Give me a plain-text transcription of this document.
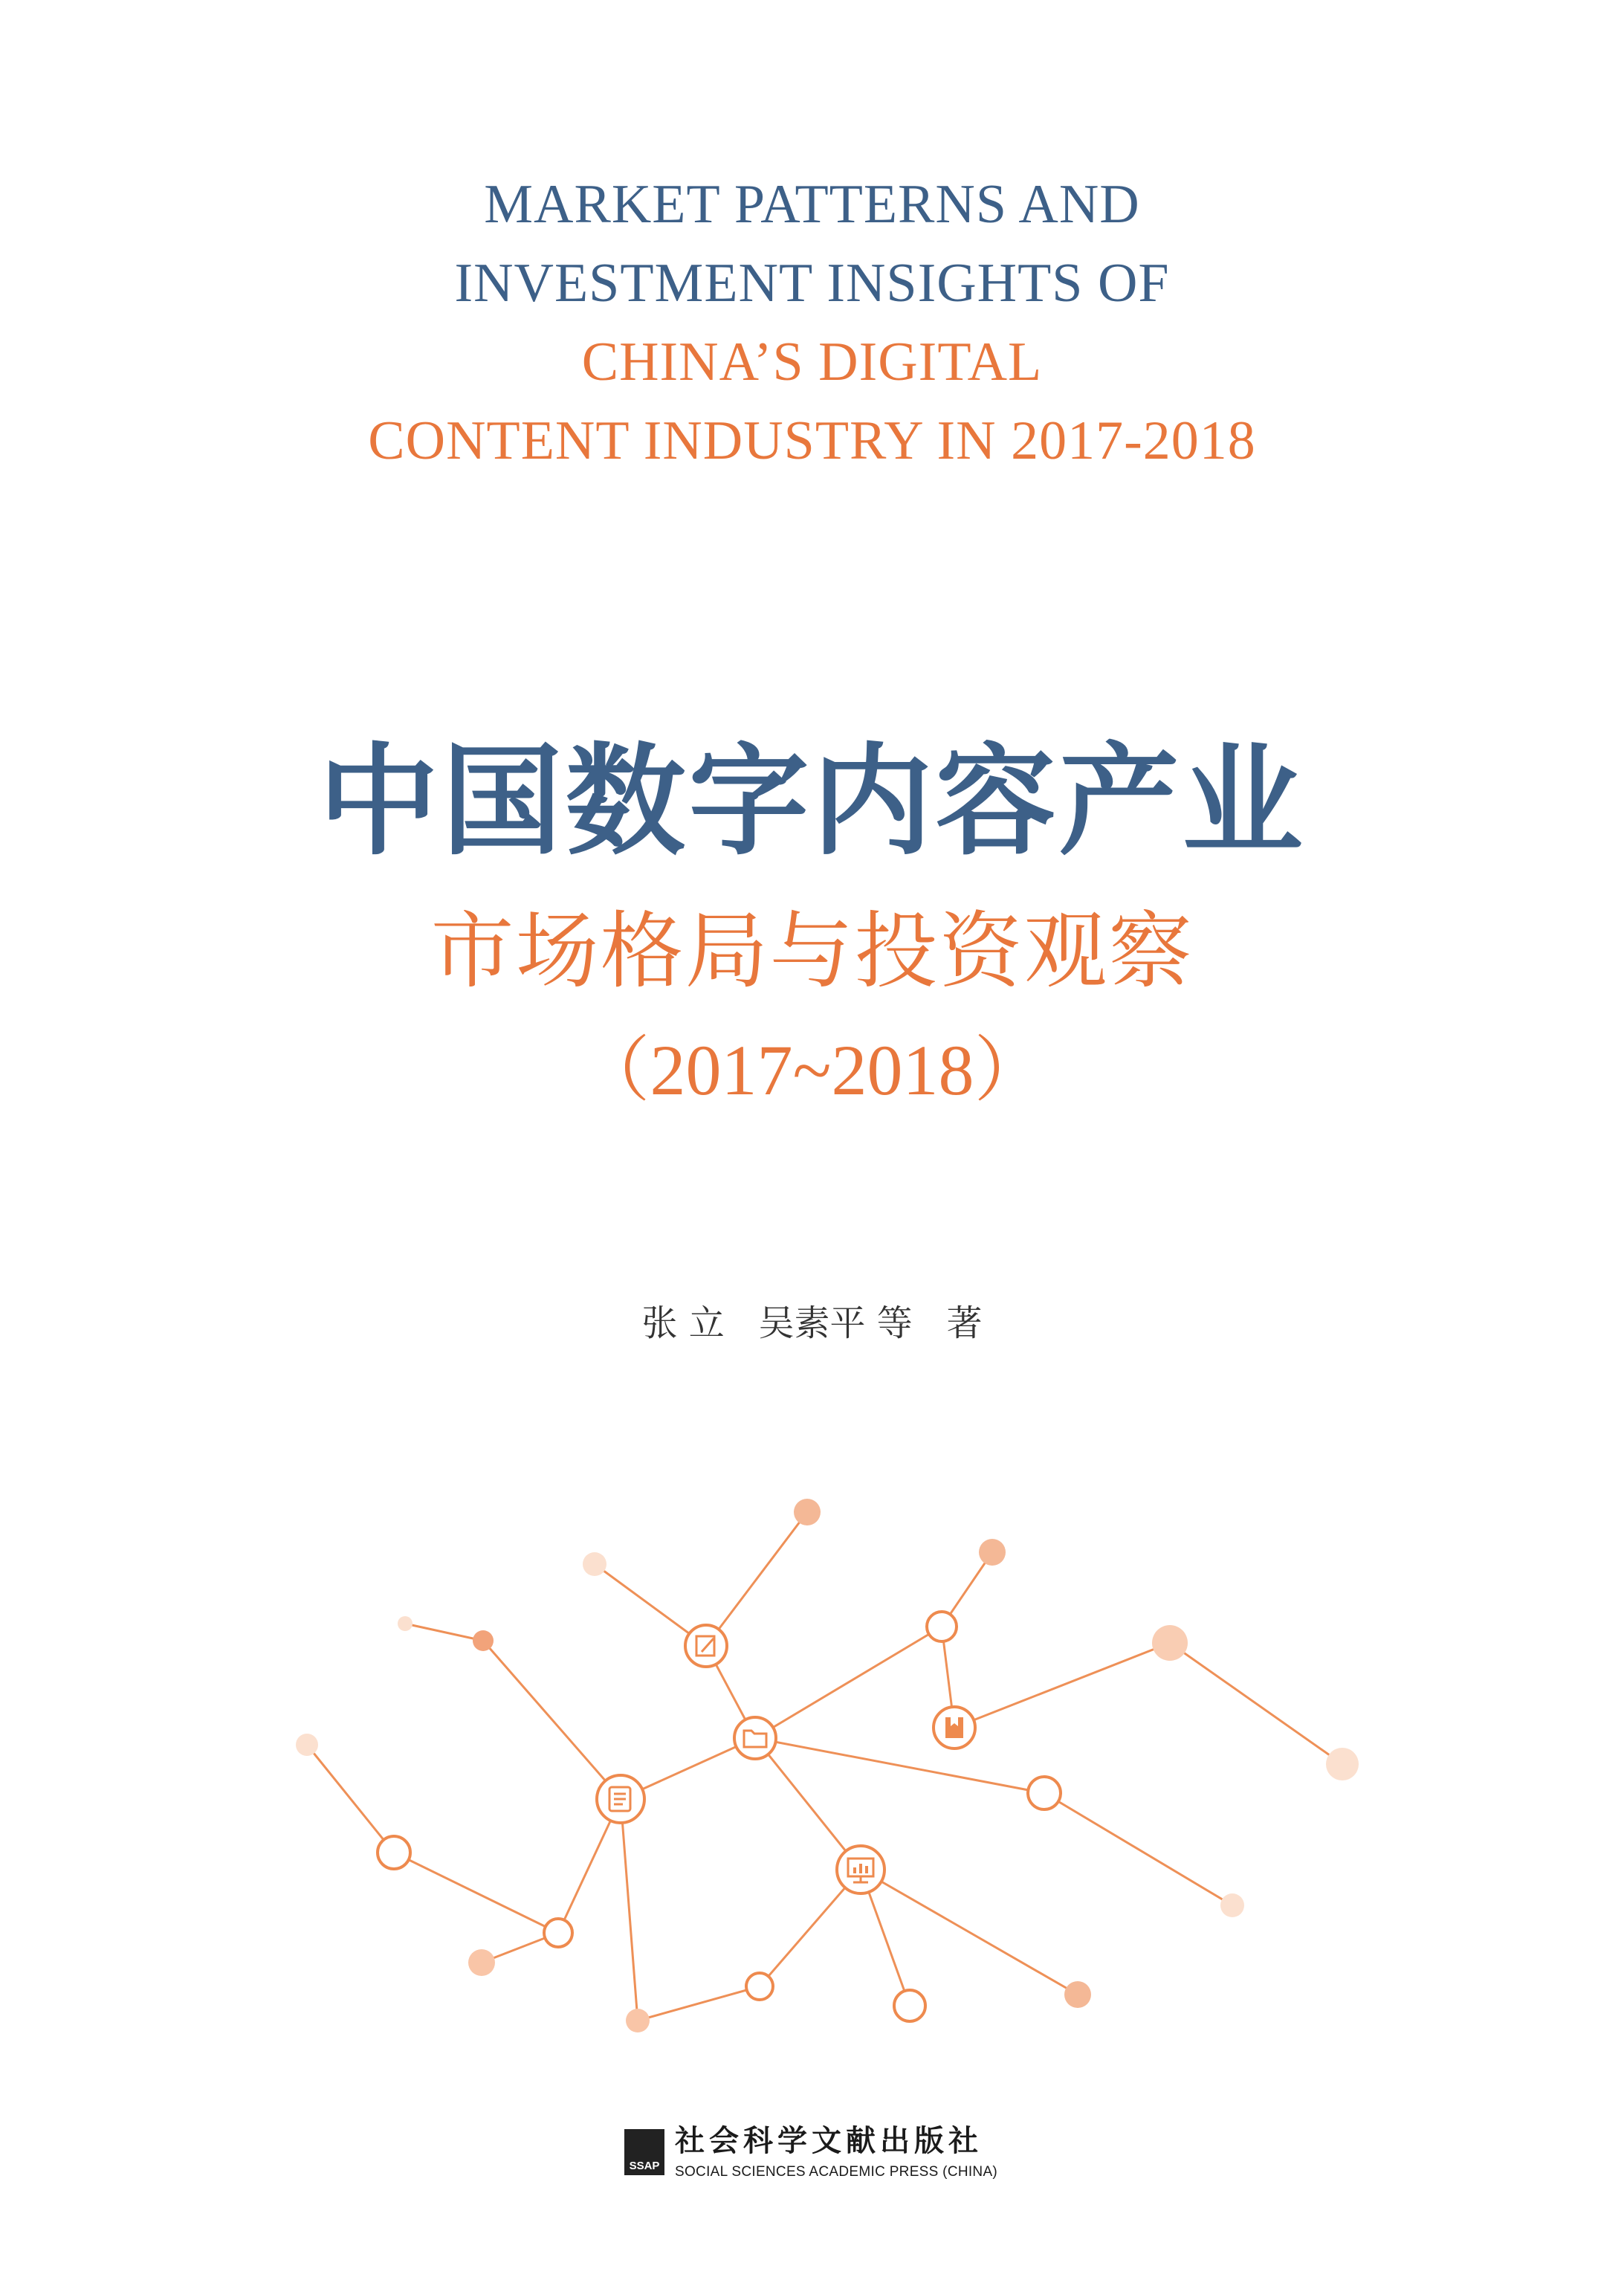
MARKET PATTERNS AND
INVESTMENT INSIGHTS OF
CHINA’S DIGITAL
CONTENT INDUSTRY IN 2017-2018
中国数字内容产业
市场格局与投资观察
（2017~2018）
张 立   吴素平 等   著
SSAP
社会科学文献出版社
SOCIAL SCIENCES ACADEMIC PRESS (CHINA)
